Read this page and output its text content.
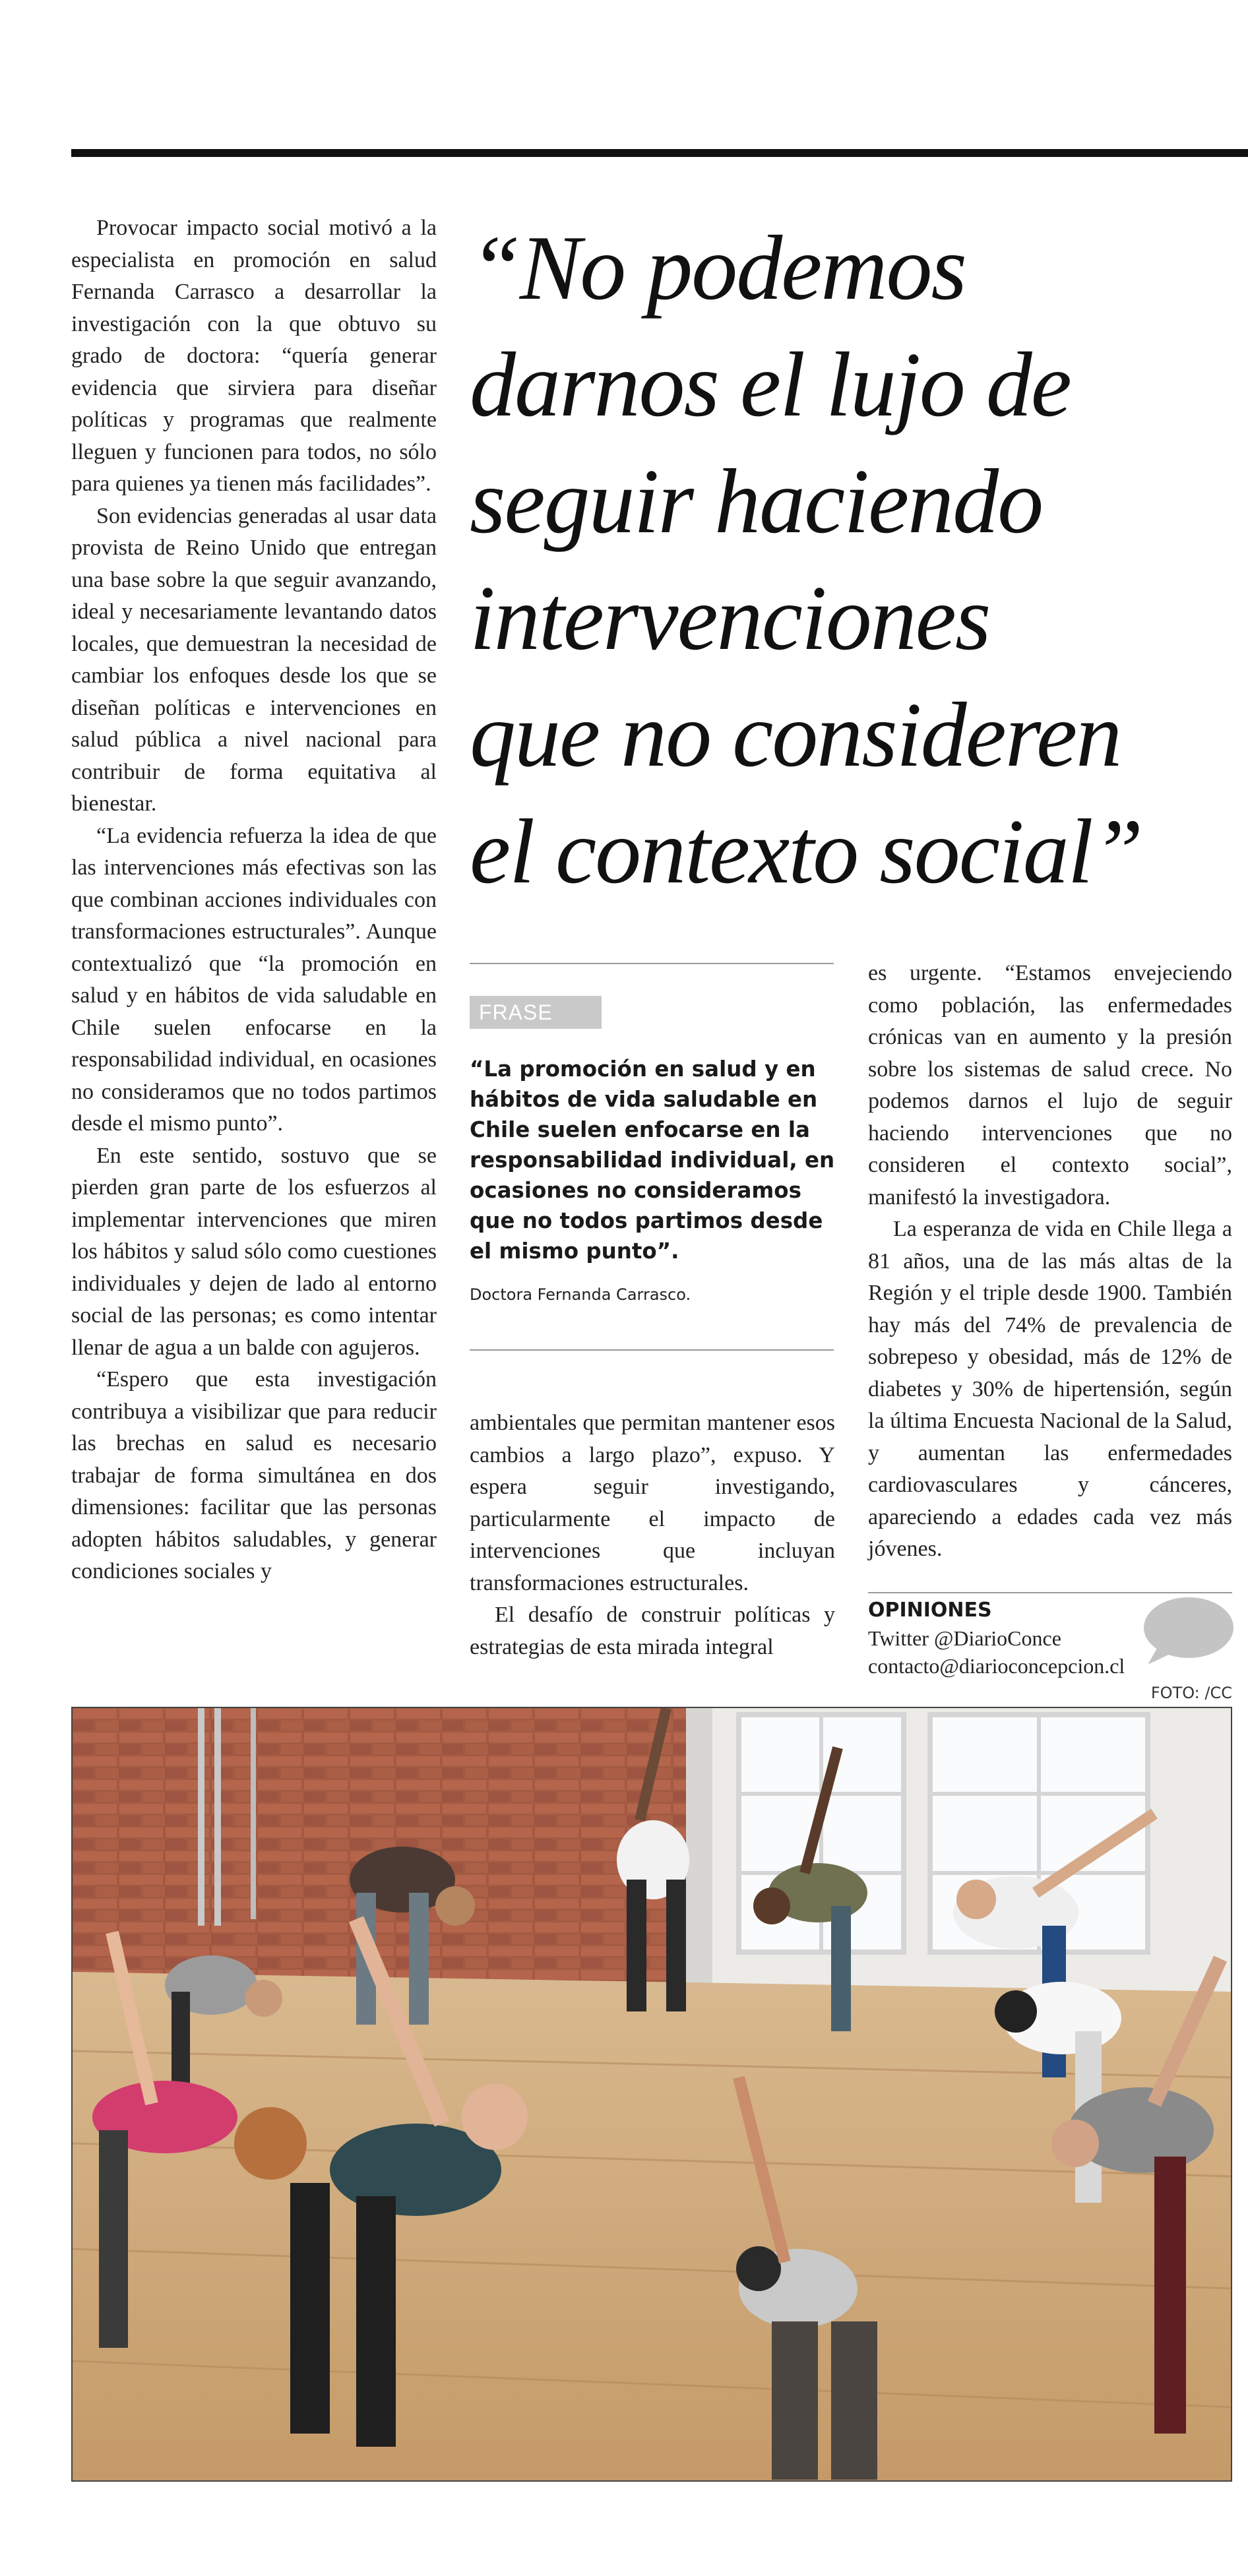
Provocar impacto social motivó a la especialista en promoción en salud Fernanda Carrasco a desarrollar la investigación con la que obtuvo su grado de doctora: “quería generar evidencia que sirviera para diseñar políticas y programas que realmente lleguen y funcionen para todos, no sólo para quienes ya tienen más facilidades”.

Son evidencias generadas al usar data provista de Reino Unido que entregan una base sobre la que seguir avanzando, ideal y necesariamente levantando datos locales, que demuestran la necesidad de cambiar los enfoques desde los que se diseñan políticas e intervenciones en salud pública a nivel nacional para contribuir de forma equitativa al bienestar.

“La evidencia refuerza la idea de que las intervenciones más efectivas son las que combinan acciones individuales con transformaciones estructurales”. Aunque contextualizó que “la promoción en salud y en hábitos de vida saludable en Chile suelen enfocarse en la responsabilidad individual, en ocasiones no consideramos que no todos partimos desde el mismo punto”.

En este sentido, sostuvo que se pierden gran parte de los esfuerzos al implementar intervenciones que miren los hábitos y salud sólo como cuestiones individuales y dejen de lado al entorno social de las personas; es como intentar llenar de agua a un balde con agujeros.

“Espero que esta investigación contribuya a visibilizar que para reducir las brechas en salud es necesario trabajar de forma simultánea en dos dimensiones: facilitar que las personas adopten hábitos saludables, y generar condiciones sociales y

“No podemos
darnos el lujo de
seguir haciendo
intervenciones
que no consideren
el contexto social”
FRASE
“La promoción en salud y en hábitos de vida saludable en Chile suelen enfocarse en la responsabilidad individual, en ocasiones no consideramos que no todos partimos desde el mismo punto”.
Doctora Fernanda Carrasco.

ambientales que permitan mantener esos cambios a largo plazo”, expuso. Y espera seguir investigando, particularmente el impacto de intervenciones que incluyan transformaciones estructurales.

El desafío de construir políticas y estrategias de esta mirada integral

es urgente. “Estamos envejeciendo como población, las enfermedades crónicas van en aumento y la presión sobre los sistemas de salud crece. No podemos darnos el lujo de seguir haciendo intervenciones que no consideren el contexto social”, manifestó la investigadora.

La esperanza de vida en Chile llega a 81 años, una de las más altas de la Región y el triple desde 1900. También hay más del 74% de prevalencia de sobrepeso y obesidad, más de 12% de diabetes y 30% de hipertensión, según la última Encuesta Nacional de la Salud, y aumentan las enfermedades cardiovasculares y cánceres, apareciendo a edades cada vez más jóvenes.

OPINIONES
Twitter @DiarioConce
contacto@diarioconcepcion.cl
FOTO: /CC
